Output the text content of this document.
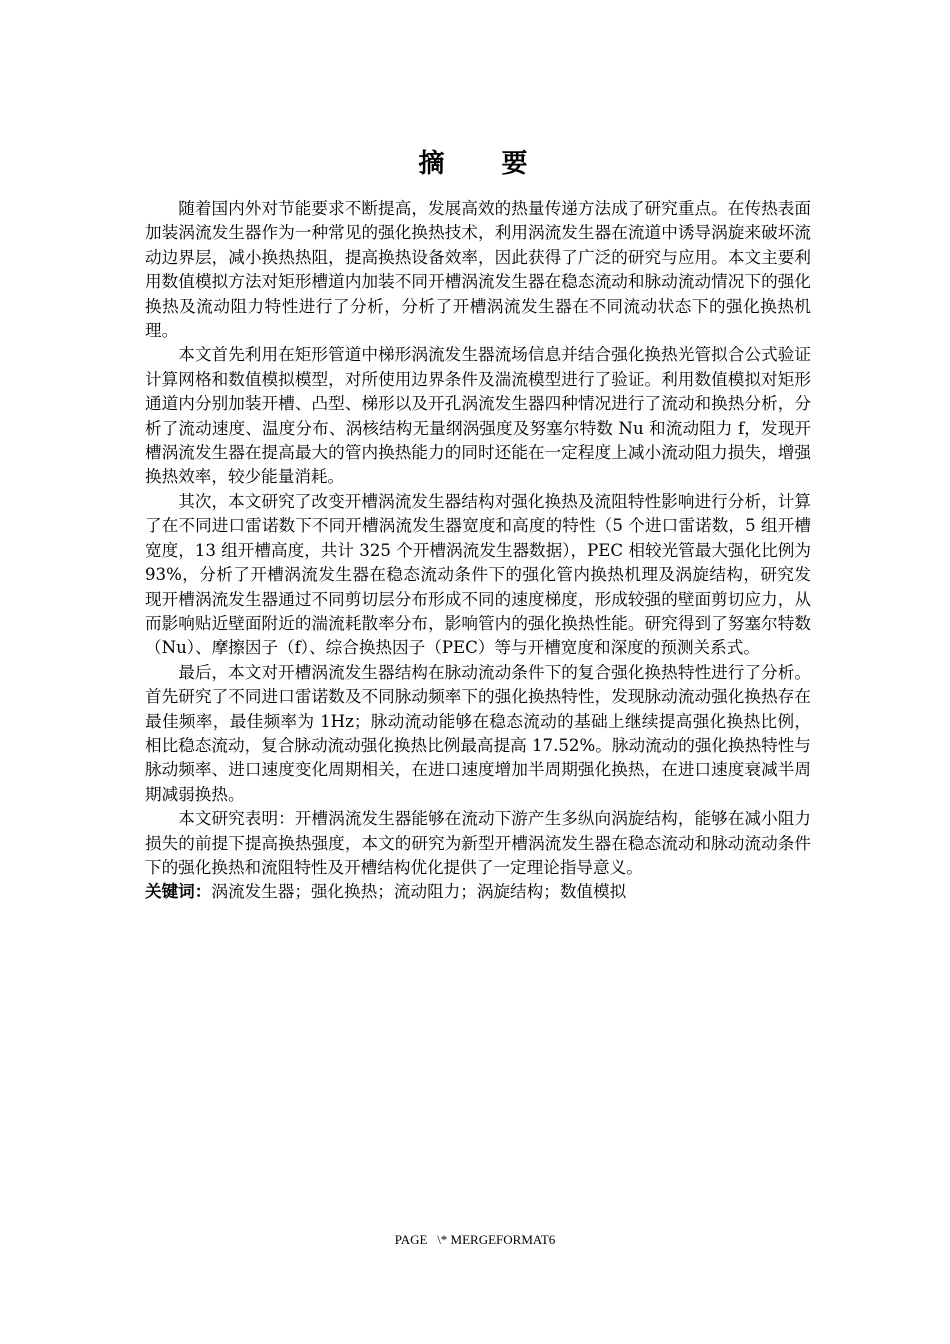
摘 要

随着国内外对节能要求不断提高，发展高效的热量传递方法成了研究重点。在传热表面加装涡流发生器作为一种常见的强化换热技术，利用涡流发生器在流道中诱导涡旋来破坏流动边界层，减小换热热阻，提高换热设备效率，因此获得了广泛的研究与应用。本文主要利用数值模拟方法对矩形槽道内加装不同开槽涡流发生器在稳态流动和脉动流动情况下的强化换热及流动阻力特性进行了分析，分析了开槽涡流发生器在不同流动状态下的强化换热机理。

本文首先利用在矩形管道中梯形涡流发生器流场信息并结合强化换热光管拟合公式验证计算网格和数值模拟模型，对所使用边界条件及湍流模型进行了验证。利用数值模拟对矩形通道内分别加装开槽、凸型、梯形以及开孔涡流发生器四种情况进行了流动和换热分析，分析了流动速度、温度分布、涡核结构无量纲涡强度及努塞尔特数 Nu 和流动阻力 f，发现开槽涡流发生器在提高最大的管内换热能力的同时还能在一定程度上减小流动阻力损失，增强换热效率，较少能量消耗。

其次，本文研究了改变开槽涡流发生器结构对强化换热及流阻特性影响进行分析，计算了在不同进口雷诺数下不同开槽涡流发生器宽度和高度的特性（5 个进口雷诺数，5 组开槽宽度，13 组开槽高度，共计 325 个开槽涡流发生器数据），PEC 相较光管最大强化比例为 93%，分析了开槽涡流发生器在稳态流动条件下的强化管内换热机理及涡旋结构，研究发现开槽涡流发生器通过不同剪切层分布形成不同的速度梯度，形成较强的壁面剪切应力，从而影响贴近壁面附近的湍流耗散率分布，影响管内的强化换热性能。研究得到了努塞尔特数（Nu）、摩擦因子（f）、综合换热因子（PEC）等与开槽宽度和深度的预测关系式。

最后，本文对开槽涡流发生器结构在脉动流动条件下的复合强化换热特性进行了分析。首先研究了不同进口雷诺数及不同脉动频率下的强化换热特性，发现脉动流动强化换热存在最佳频率，最佳频率为 1Hz；脉动流动能够在稳态流动的基础上继续提高强化换热比例，相比稳态流动，复合脉动流动强化换热比例最高提高 17.52%。脉动流动的强化换热特性与脉动频率、进口速度变化周期相关，在进口速度增加半周期强化换热，在进口速度衰减半周期减弱换热。

本文研究表明：开槽涡流发生器能够在流动下游产生多纵向涡旋结构，能够在减小阻力损失的前提下提高换热强度，本文的研究为新型开槽涡流发生器在稳态流动和脉动流动条件下的强化换热和流阻特性及开槽结构优化提供了一定理论指导意义。

关键词：涡流发生器；强化换热；流动阻力；涡旋结构；数值模拟

PAGE   \* MERGEFORMAT6
